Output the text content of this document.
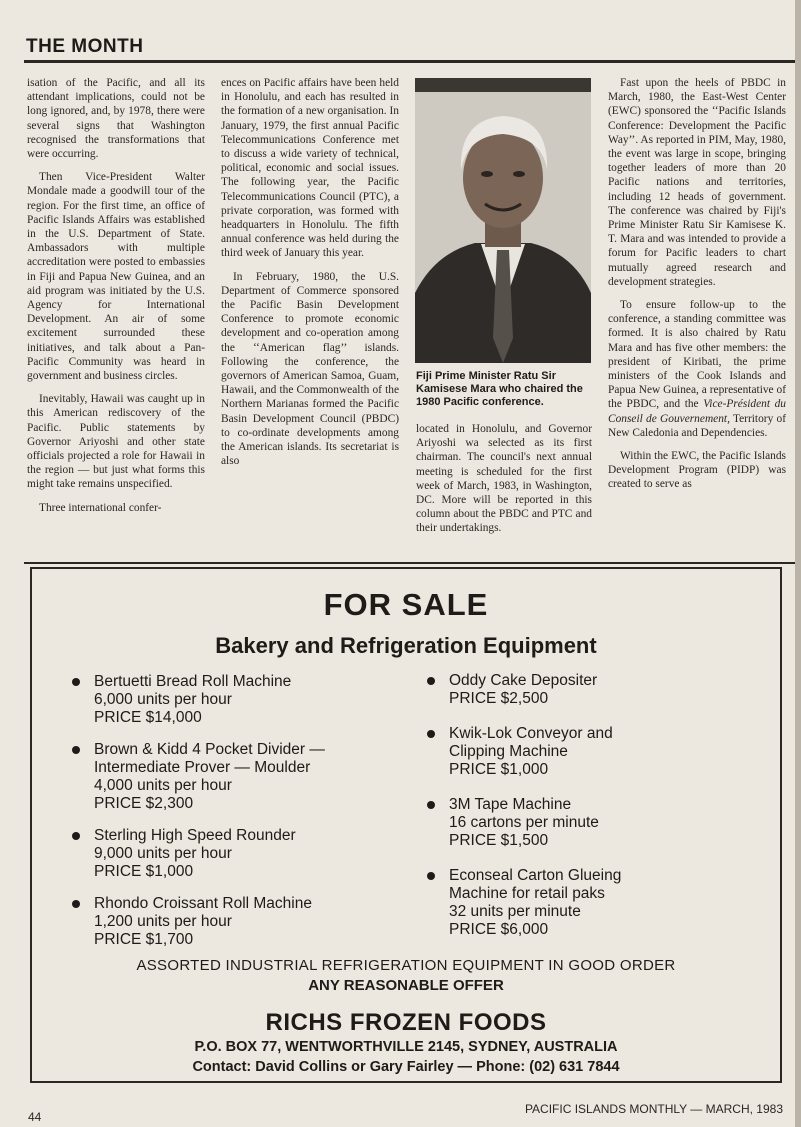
THE MONTH

isation of the Pacific, and all its attendant implications, could not be long ignored, and, by 1978, there were several signs that Washington recognised the transformations that were occurring.

Then Vice-President Walter Mondale made a goodwill tour of the region. For the first time, an office of Pacific Islands Affairs was established in the U.S. Department of State. Ambassadors with multiple accreditation were posted to embassies in Fiji and Papua New Guinea, and an aid program was initiated by the U.S. Agency for International Development. An air of some excitement surrounded these initiatives, and talk about a Pan-Pacific Community was heard in government and business circles.

Inevitably, Hawaii was caught up in this American rediscovery of the Pacific. Public statements by Governor Ariyoshi and other state officials projected a role for Hawaii in the region — but just what forms this might take remains unspecified.

Three international confer-

ences on Pacific affairs have been held in Honolulu, and each has resulted in the formation of a new organisation. In January, 1979, the first annual Pacific Telecommunications Conference met to discuss a wide variety of technical, political, economic and social issues. The following year, the Pacific Telecommunications Council (PTC), a private corporation, was formed with headquarters in Honolulu. The fifth annual conference was held during the third week of January this year.

In February, 1980, the U.S. Department of Commerce sponsored the Pacific Basin Development Conference to promote economic development and co-operation among the ‘‘American flag’’ islands. Following the conference, the governors of American Samoa, Guam, Hawaii, and the Commonwealth of the Northern Marianas formed the Pacific Basin Development Council (PBDC) to co-ordinate developments among the American islands. Its secretariat is also

Fiji Prime Minister Ratu Sir Kamisese Mara who chaired the 1980 Pacific conference.

located in Honolulu, and Governor Ariyoshi wa selected as its first chairman. The council's next annual meeting is scheduled for the first week of March, 1983, in Washington, DC. More will be reported in this column about the PBDC and PTC and their undertakings.

Fast upon the heels of PBDC in March, 1980, the East-West Center (EWC) sponsored the ‘‘Pacific Islands Conference: Development the Pacific Way’’. As reported in PIM, May, 1980, the event was large in scope, bringing together leaders of more than 20 Pacific nations and territories, including 12 heads of government. The conference was chaired by Fiji's Prime Minister Ratu Sir Kamisese K. T. Mara and was intended to provide a forum for Pacific leaders to chart mutually agreed research and development strategies.

To ensure follow-up to the conference, a standing committee was formed. It is also chaired by Ratu Mara and has five other members: the president of Kiribati, the prime ministers of the Cook Islands and Papua New Guinea, a representative of the PBDC, and the Vice-Président du Conseil de Gouvernement, Territory of New Caledonia and Dependencies.

Within the EWC, the Pacific Islands Development Program (PIDP) was created to serve as

FOR SALE
Bakery and Refrigeration Equipment
Bertuetti Bread Roll Machine
6,000 units per hour
PRICE $14,000
Brown & Kidd 4 Pocket Divider —
Intermediate Prover — Moulder
4,000 units per hour
PRICE $2,300
Sterling High Speed Rounder
9,000 units per hour
PRICE $1,000
Rhondo Croissant Roll Machine
1,200 units per hour
PRICE $1,700
Oddy Cake Depositer
PRICE $2,500
Kwik-Lok Conveyor and
Clipping Machine
PRICE $1,000
3M Tape Machine
16 cartons per minute
PRICE $1,500
Econseal Carton Glueing
Machine for retail paks
32 units per minute
PRICE $6,000
ASSORTED INDUSTRIAL REFRIGERATION EQUIPMENT IN GOOD ORDER
ANY REASONABLE OFFER
RICHS FROZEN FOODS
P.O. BOX 77, WENTWORTHVILLE 2145, SYDNEY, AUSTRALIA
Contact: David Collins or Gary Fairley — Phone: (02) 631 7844
44
PACIFIC ISLANDS MONTHLY — MARCH, 1983
